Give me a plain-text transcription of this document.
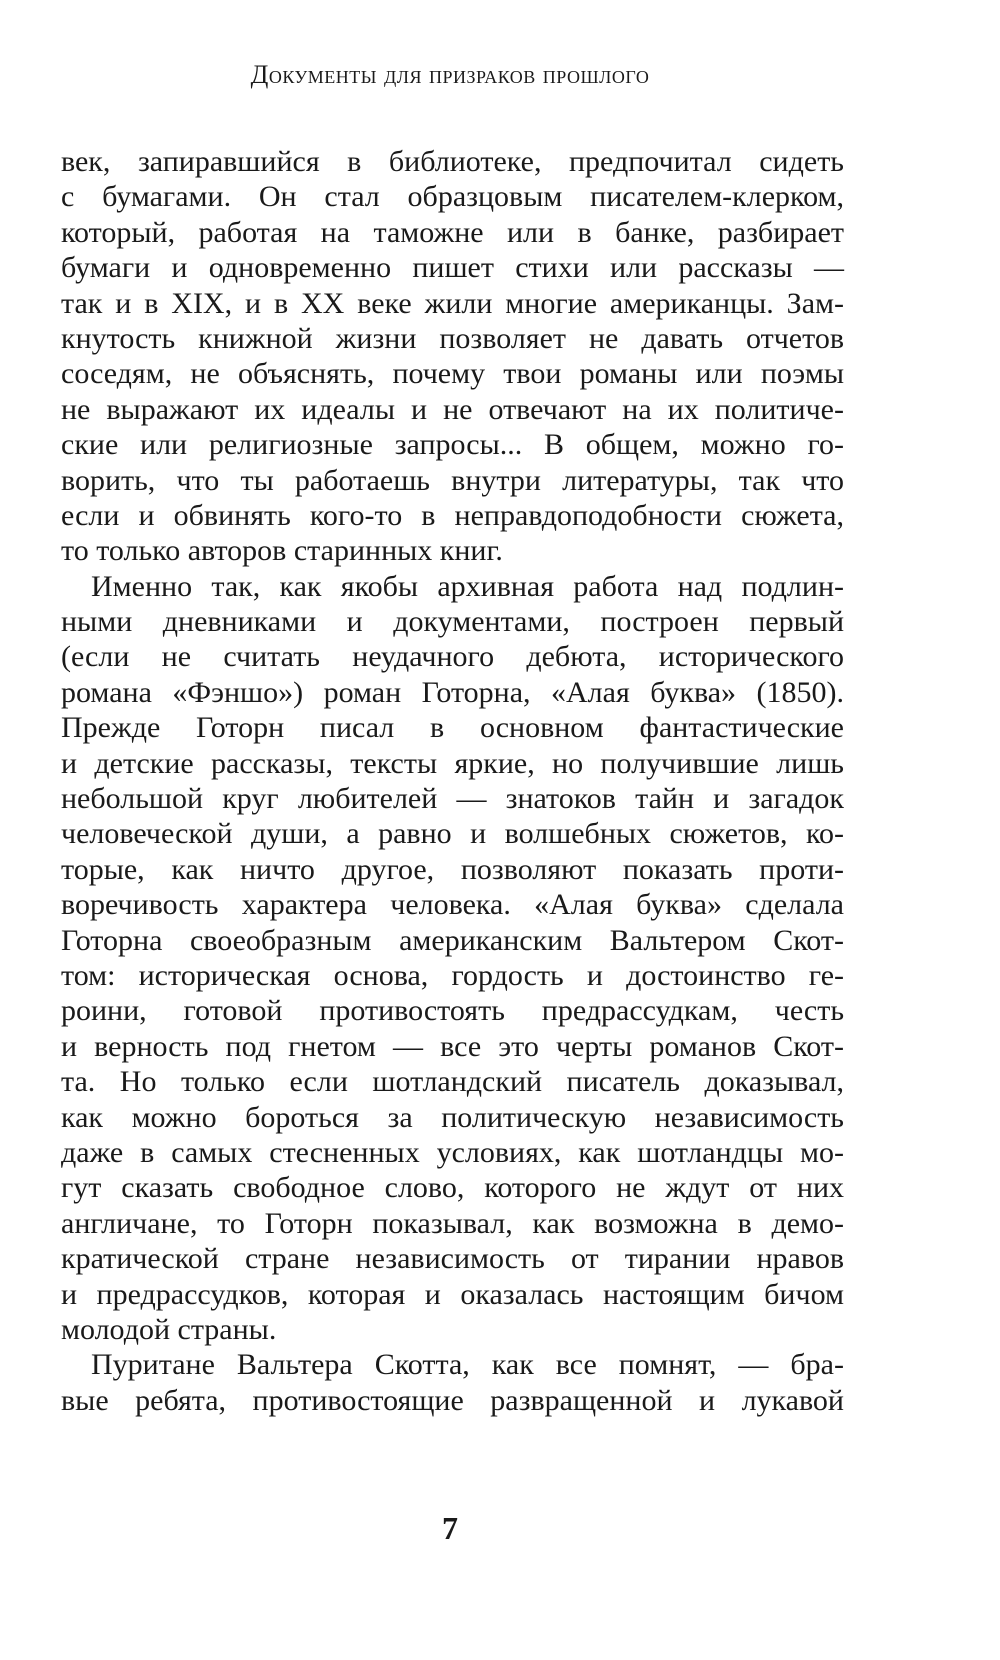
Документы для призраков прошлого
век, запиравшийся в библиотеке, предпочитал сидеть
с бумагами. Он стал образцовым писателем-клерком,
который, работая на таможне или в банке, разбирает
бумаги и одновременно пишет стихи или рассказы —
так и в XIX, и в XX веке жили многие американцы. Зам-
кнутость книжной жизни позволяет не давать отчетов
соседям, не объяснять, почему твои романы или поэмы
не выражают их идеалы и не отвечают на их политиче-
ские или религиозные запросы... В общем, можно го-
ворить, что ты работаешь внутри литературы, так что
если и обвинять кого-то в неправдоподобности сюжета,
то только авторов старинных книг.
Именно так, как якобы архивная работа над подлин-
ными дневниками и документами, построен первый
(если не считать неудачного дебюта, исторического
романа «Фэншо») роман Готорна, «Алая буква» (1850).
Прежде Готорн писал в основном фантастические
и детские рассказы, тексты яркие, но получившие лишь
небольшой круг любителей — знатоков тайн и загадок
человеческой души, а равно и волшебных сюжетов, ко-
торые, как ничто другое, позволяют показать проти-
воречивость характера человека. «Алая буква» сделала
Готорна своеобразным американским Вальтером Скот-
том: историческая основа, гордость и достоинство ге-
роини, готовой противостоять предрассудкам, честь
и верность под гнетом — все это черты романов Скот-
та. Но только если шотландский писатель доказывал,
как можно бороться за политическую независимость
даже в самых стесненных условиях, как шотландцы мо-
гут сказать свободное слово, которого не ждут от них
англичане, то Готорн показывал, как возможна в демо-
кратической стране независимость от тирании нравов
и предрассудков, которая и оказалась настоящим бичом
молодой страны.
Пуритане Вальтера Скотта, как все помнят, — бра-
вые ребята, противостоящие развращенной и лукавой
7
